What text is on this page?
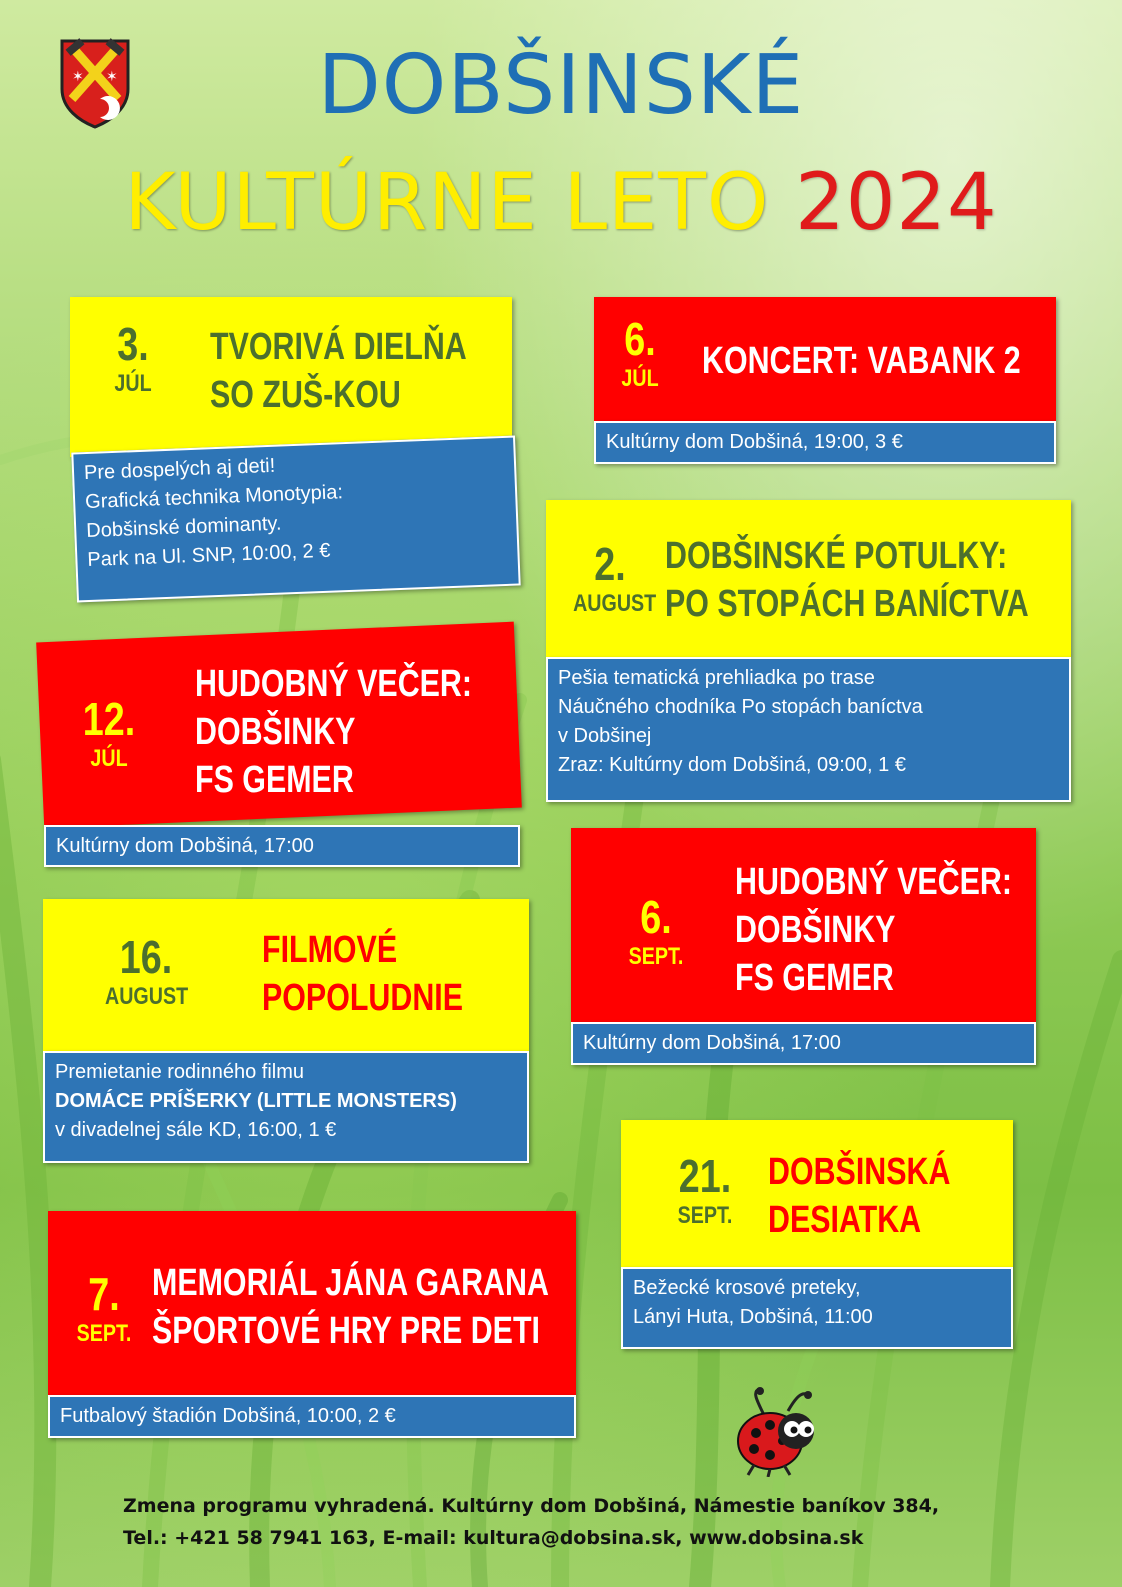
✶ ✶	DOBŠINSKÉ
KULTÚRNE LETO 2024
3.
JÚL
TVORIVÁ DIELŇA
SO ZUŠ-KOU
Pre dospelých aj deti!
Grafická technika Monotypia:
Dobšinské dominanty.
Park na Ul. SNP, 10:00, 2 €
6.
JÚL	KONCERT: VABANK 2
Kultúrny dom Dobšiná, 19:00, 3 €
2.
AUGUST
DOBŠINSKÉ POTULKY:
PO STOPÁCH BANÍCTVA
Pešia tematická prehliadka po trase
Náučného chodníka Po stopách baníctva
v Dobšinej
Zraz: Kultúrny dom Dobšiná, 09:00, 1 €
12.
JÚL
HUDOBNÝ VEČER:
DOBŠINKY
FS GEMER
Kultúrny dom Dobšiná, 17:00
6.
SEPT.
HUDOBNÝ VEČER:
DOBŠINKY
FS GEMER
Kultúrny dom Dobšiná, 17:00
16.
AUGUST
FILMOVÉ
POPOLUDNIE
Premietanie rodinného filmu
DOMÁCE PRÍŠERKY (LITTLE MONSTERS)
v divadelnej sále KD, 16:00, 1 €
21.
SEPT.
DOBŠINSKÁ
DESIATKA
Bežecké krosové preteky,
Lányi Huta, Dobšiná, 11:00
7.
SEPT.
MEMORIÁL JÁNA GARANA
ŠPORTOVÉ HRY PRE DETI
Futbalový štadión Dobšiná, 10:00, 2 €
Zmena programu vyhradená. Kultúrny dom Dobšiná, Námestie baníkov 384,
Tel.: +421 58 7941 163, E-mail: kultura@dobsina.sk, www.dobsina.sk
